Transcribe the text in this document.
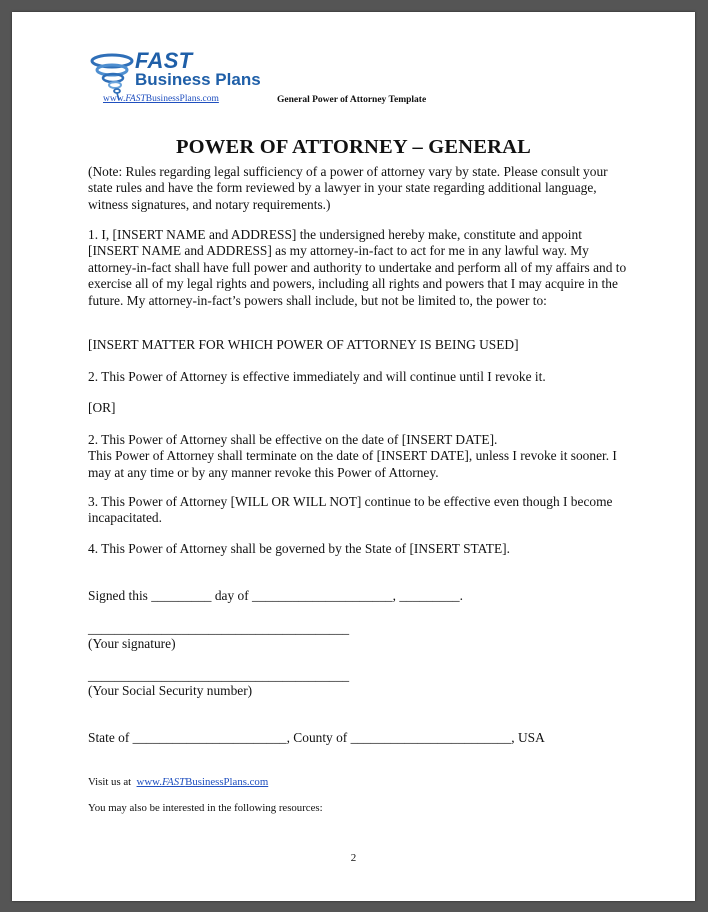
FAST
Business Plans
www.FASTBusinessPlans.com	General Power of Attorney Template
POWER OF ATTORNEY – GENERAL
(Note: Rules regarding legal sufficiency of a power of attorney vary by state. Please consult your state rules and have the form reviewed by a lawyer in your state regarding additional language, witness signatures, and notary requirements.)
1. I, [INSERT NAME and ADDRESS] the undersigned hereby make, constitute and appoint [INSERT NAME and ADDRESS] as my attorney-in-fact to act for me in any lawful way. My attorney-in-fact shall have full power and authority to undertake and perform all of my affairs and to exercise all of my legal rights and powers, including all rights and powers that I may acquire in the future. My attorney-in-fact’s powers shall include, but not be limited to, the power to:
[INSERT MATTER FOR WHICH POWER OF ATTORNEY IS BEING USED]
2. This Power of Attorney is effective immediately and will continue until I revoke it.
[OR]

2. This Power of Attorney shall be effective on the date of [INSERT DATE].

This Power of Attorney shall terminate on the date of [INSERT DATE], unless I revoke it sooner. I may at any time or by any manner revoke this Power of Attorney.

3. This Power of Attorney [WILL OR WILL NOT] continue to be effective even though I become incapacitated.
4. This Power of Attorney shall be governed by the State of [INSERT STATE].
Signed this _________ day of _____________________, _________.
_______________________________________
(Your signature)
_______________________________________
(Your Social Security number)
State of _______________________, County of ________________________, USA
Visit us at www.FASTBusinessPlans.com
You may also be interested in the following resources:
2
